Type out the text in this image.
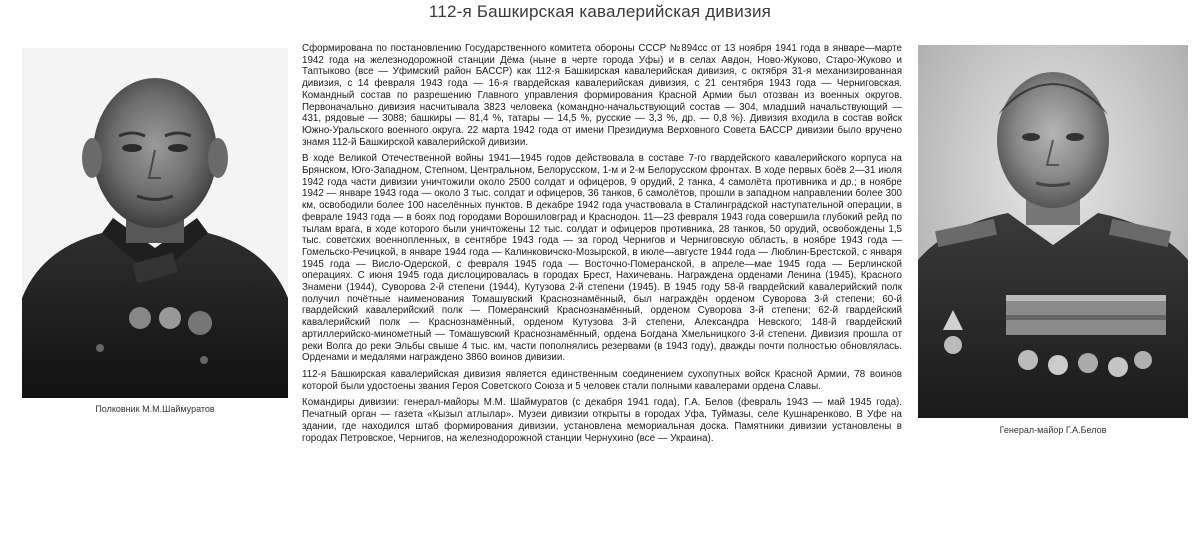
112-я Башкирская кавалерийская дивизия
Полковник М.М.Шаймуратов

Сформирована по постановлению Государственного комитета обороны СССР №894сс от 13 ноября 1941 года в январе—марте 1942 года на железнодорожной станции Дёма (ныне в черте города Уфы) и в селах Авдон, Ново-Жуково, Старо-Жуково и Таптыково (все — Уфимский район БАССР) как 112-я Башкирская кавалерийская дивизия, с октября 31-я механизированная дивизия, с 14 февраля 1943 года — 16-я гвардейская кавалерийская дивизия, с 21 сентября 1943 года — Черниговская. Командный состав по разрешению Главного управления формирования Красной Армии был отозван из военных округов. Первоначально дивизия насчитывала 3823 человека (командно-начальствующий состав — 304, младший начальствующий — 431, рядовые — 3088; башкиры — 81,4 %, татары — 14,5 %, русские — 3,3 %, др. — 0,8 %). Дивизия входила в состав войск Южно-Уральского военного округа. 22 марта 1942 года от имени Президиума Верховного Совета БАССР дивизии было вручено знамя 112-й Башкирской кавалерийской дивизии.

В ходе Великой Отечественной войны 1941—1945 годов действовала в составе 7-го гвардейского кавалерийского корпуса на Брянском, Юго-Западном, Степном, Центральном, Белорусском, 1-м и 2-м Белорусском фронтах. В ходе первых боёв 2—31 июля 1942 года части дивизии уничтожили около 2500 солдат и офицеров, 9 орудий, 2 танка, 4 самолёта противника и др.; в ноябре 1942 — январе 1943 года — около 3 тыс. солдат и офицеров, 36 танков, 6 самолётов, прошли в западном направлении более 300 км, освободили более 100 населённых пунктов. В декабре 1942 года участвовала в Сталинградской наступательной операции, в феврале 1943 года — в боях под городами Ворошиловград и Краснодон. 11—23 февраля 1943 года совершила глубокий рейд по тылам врага, в ходе которого были уничтожены 12 тыс. солдат и офицеров противника, 28 танков, 50 орудий, освобождены 1,5 тыс. советских военнопленных, в сентябре 1943 года — за город Чернигов и Черниговскую область, в ноябре 1943 года — Гомельско-Речицкой, в январе 1944 года — Калинковичско-Мозырской, в июле—августе 1944 года — Люблин-Брестской, с января 1945 года — Висло-Одерской, с февраля 1945 года — Восточно-Померанской, в апреле—мае 1945 года — Берлинской операциях. С июня 1945 года дислоцировалась в городах Брест, Нахичевань. Награждена орденами Ленина (1945), Красного Знамени (1944), Суворова 2-й степени (1944), Кутузова 2-й степени (1945). В 1945 году 58-й гвардейский кавалерийский полк получил почётные наименования Томашувский Краснознамённый, был награждён орденом Суворова 3-й степени; 60-й гвардейский кавалерийский полк — Померанский Краснознамённый, орденом Суворова 3-й степени; 62-й гвардейский кавалерийский полк — Краснознамённый, орденом Кутузова 3-й степени, Александра Невского; 148-й гвардейский артиллерийско-минометный — Томашувский Краснознамённый, ордена Богдана Хмельницкого 3-й степени. Дивизия прошла от реки Волга до реки Эльбы свыше 4 тыс. км, части пополнялись резервами (в 1943 году), дважды почти полностью обновлялась. Орденами и медалями награждено 3860 воинов дивизии.

112-я Башкирская кавалерийская дивизия является единственным соединением сухопутных войск Красной Армии, 78 воинов которой были удостоены звания Героя Советского Союза и 5 человек стали полными кавалерами ордена Славы.

Командиры дивизии: генерал-майоры М.М. Шаймуратов (с декабря 1941 года), Г.А. Белов (февраль 1943 — май 1945 года). Печатный орган — газета «Кызыл атлылар». Музеи дивизии открыты в городах Уфа, Туймазы, селе Кушнаренково. В Уфе на здании, где находился штаб формирования дивизии, установлена мемориальная доска. Памятники дивизии установлены в городах Петровское, Чернигов, на железнодорожной станции Чернухино (все — Украина).

Генерал-майор Г.А.Белов
